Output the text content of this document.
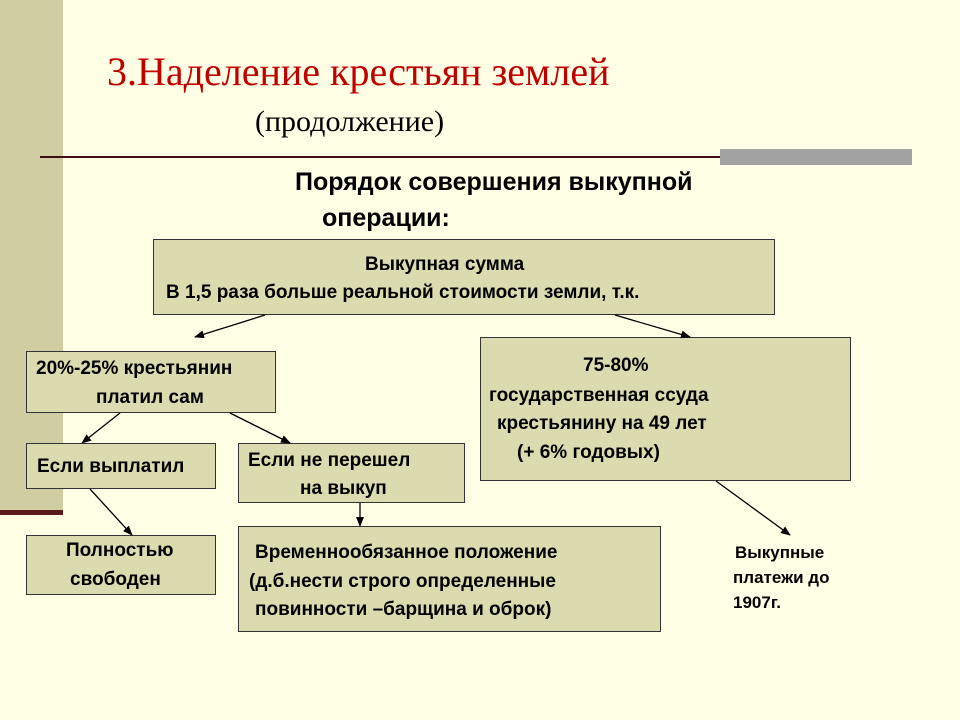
3.Наделение крестьян землей
(продолжение)
Порядок совершения выкупной
операции:
Выкупная сумма
В 1,5 раза больше реальной стоимости земли, т.к.
20%-25% крестьянин
платил сам
75-80%
государственная ссуда
крестьянину на 49 лет
(+ 6% годовых)
Если выплатил	Если не перешел
на выкуп
Полностью
свободен
Временнообязанное положение
(д.б.нести строго определенные
повинности –барщина и оброк)
Выкупные
платежи до
1907г.
